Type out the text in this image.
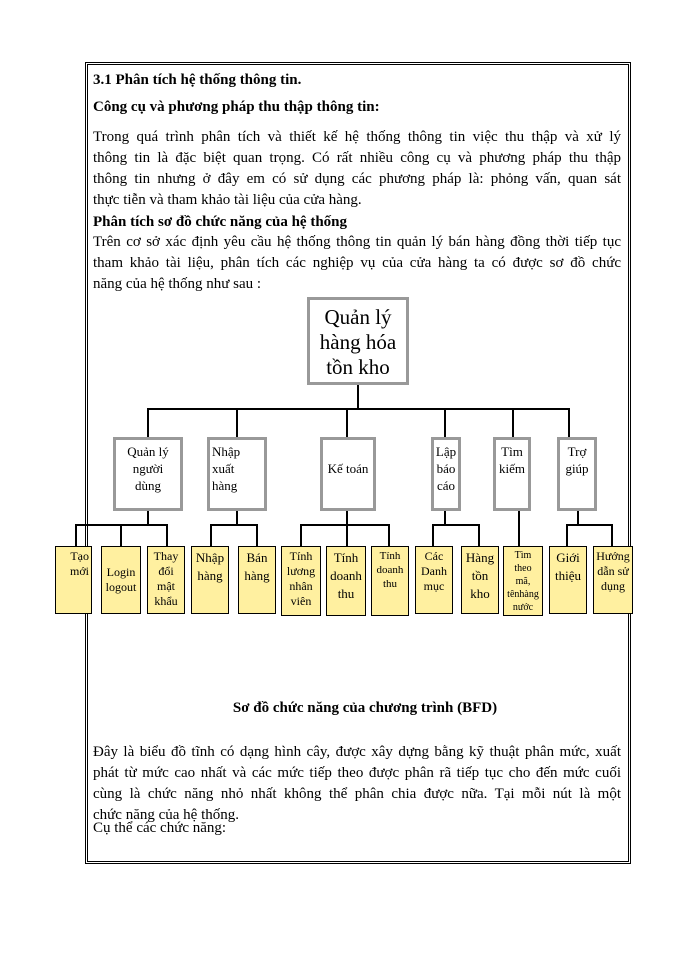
3.1 Phân tích hệ thống thông tin.

Công cụ và phương pháp thu thập thông tin:

Trong quá trình phân tích và thiết kế hệ thống thông tin việc thu thập và xử lý

thông tin là đặc biệt quan trọng. Có rất nhiều công cụ và phương pháp thu thập

thông tin nhưng ở đây em có sử dụng các phương pháp là: phỏng vấn, quan sát

thực tiễn và tham khảo tài liệu của cửa hàng.

Phân tích sơ đồ chức năng của hệ thống

Trên cơ sở xác định yêu cầu hệ thống thông tin quản lý bán hàng đồng thời tiếp tục

tham khảo tài liệu, phân tích các nghiệp vụ của cửa hàng ta có được sơ đồ chức

năng của hệ thống như sau :

Quản lý
hàng hóa
tồn kho
Quản lý
người
dùng
Nhập
xuất
hàng
Kế toán
Lập
báo
cáo
Tìm
kiếm
Trợ
giúp
Tạo
mới	Login
logout
Thay
đổi
mật
khẩu
Nhập
hàng
Bán
hàng
Tính
lương
nhân
viên
Tính
doanh
thu
Tính
doanh
thu
Các
Danh
mục
Hàng
tồn
kho
Tìm
theo
mã,
tênhàng
nước
Giới
thiệu
Hướng
dẫn sử
dụng

Sơ đồ chức năng của chương trình (BFD)

Đây là biểu đồ tĩnh có dạng hình cây, được xây dựng bằng kỹ thuật phân mức, xuất

phát từ mức cao nhất và các mức tiếp theo được phân rã tiếp tục cho đến mức cuối

cùng là chức năng nhỏ nhất không thể phân chia được nữa. Tại mỗi nút là một

chức năng của hệ thống.

Cụ thể các chức năng:
